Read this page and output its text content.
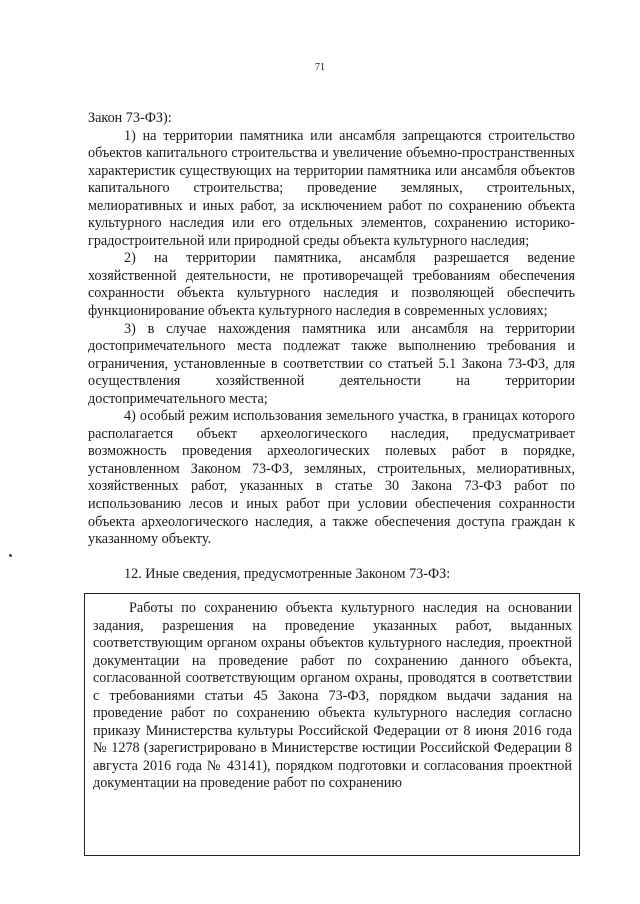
71

Закон 73-ФЗ):

1) на территории памятника или ансамбля запрещаются строительство объектов капитального строительства и увеличение объемно-пространственных характеристик существующих на территории памятника или ансамбля объектов капитального строительства; проведение земляных, строительных, мелиоративных и иных работ, за исключением работ по сохранению объекта культурного наследия или его отдельных элементов, сохранению историко-градостроительной или природной среды объекта культурного наследия;

2) на территории памятника, ансамбля разрешается ведение хозяйственной деятельности, не противоречащей требованиям обеспечения сохранности объекта культурного наследия и позволяющей обеспечить функционирование объекта культурного наследия в современных условиях;

3) в случае нахождения памятника или ансамбля на территории достопримечательного места подлежат также выполнению требования и ограничения, установленные в соответствии со статьей 5.1 Закона 73-ФЗ, для осуществления хозяйственной деятельности на территории достопримечательного места;

4) особый режим использования земельного участка, в границах которого располагается объект археологического наследия, предусматривает возможность проведения археологических полевых работ в порядке, установленном Законом 73-ФЗ, земляных, строительных, мелиоративных, хозяйственных работ, указанных в статье 30 Закона 73-ФЗ работ по использованию лесов и иных работ при условии обеспечения сохранности объекта археологического наследия, а также обеспечения доступа граждан к указанному объекту.

12. Иные сведения, предусмотренные Законом 73-ФЗ:

Работы по сохранению объекта культурного наследия на основании задания, разрешения на проведение указанных работ, выданных соответствующим органом охраны объектов культурного наследия, проектной документации на проведение работ по сохранению данного объекта, согласованной соответствующим органом охраны, проводятся в соответствии с требованиями статьи 45 Закона 73-ФЗ, порядком выдачи задания на проведение работ по сохранению объекта культурного наследия согласно приказу Министерства культуры Российской Федерации от 8 июня 2016 года № 1278 (зарегистрировано в Министерстве юстиции Российской Федерации 8 августа 2016 года № 43141), порядком подготовки и согласования проектной документации на проведение работ по сохранению
